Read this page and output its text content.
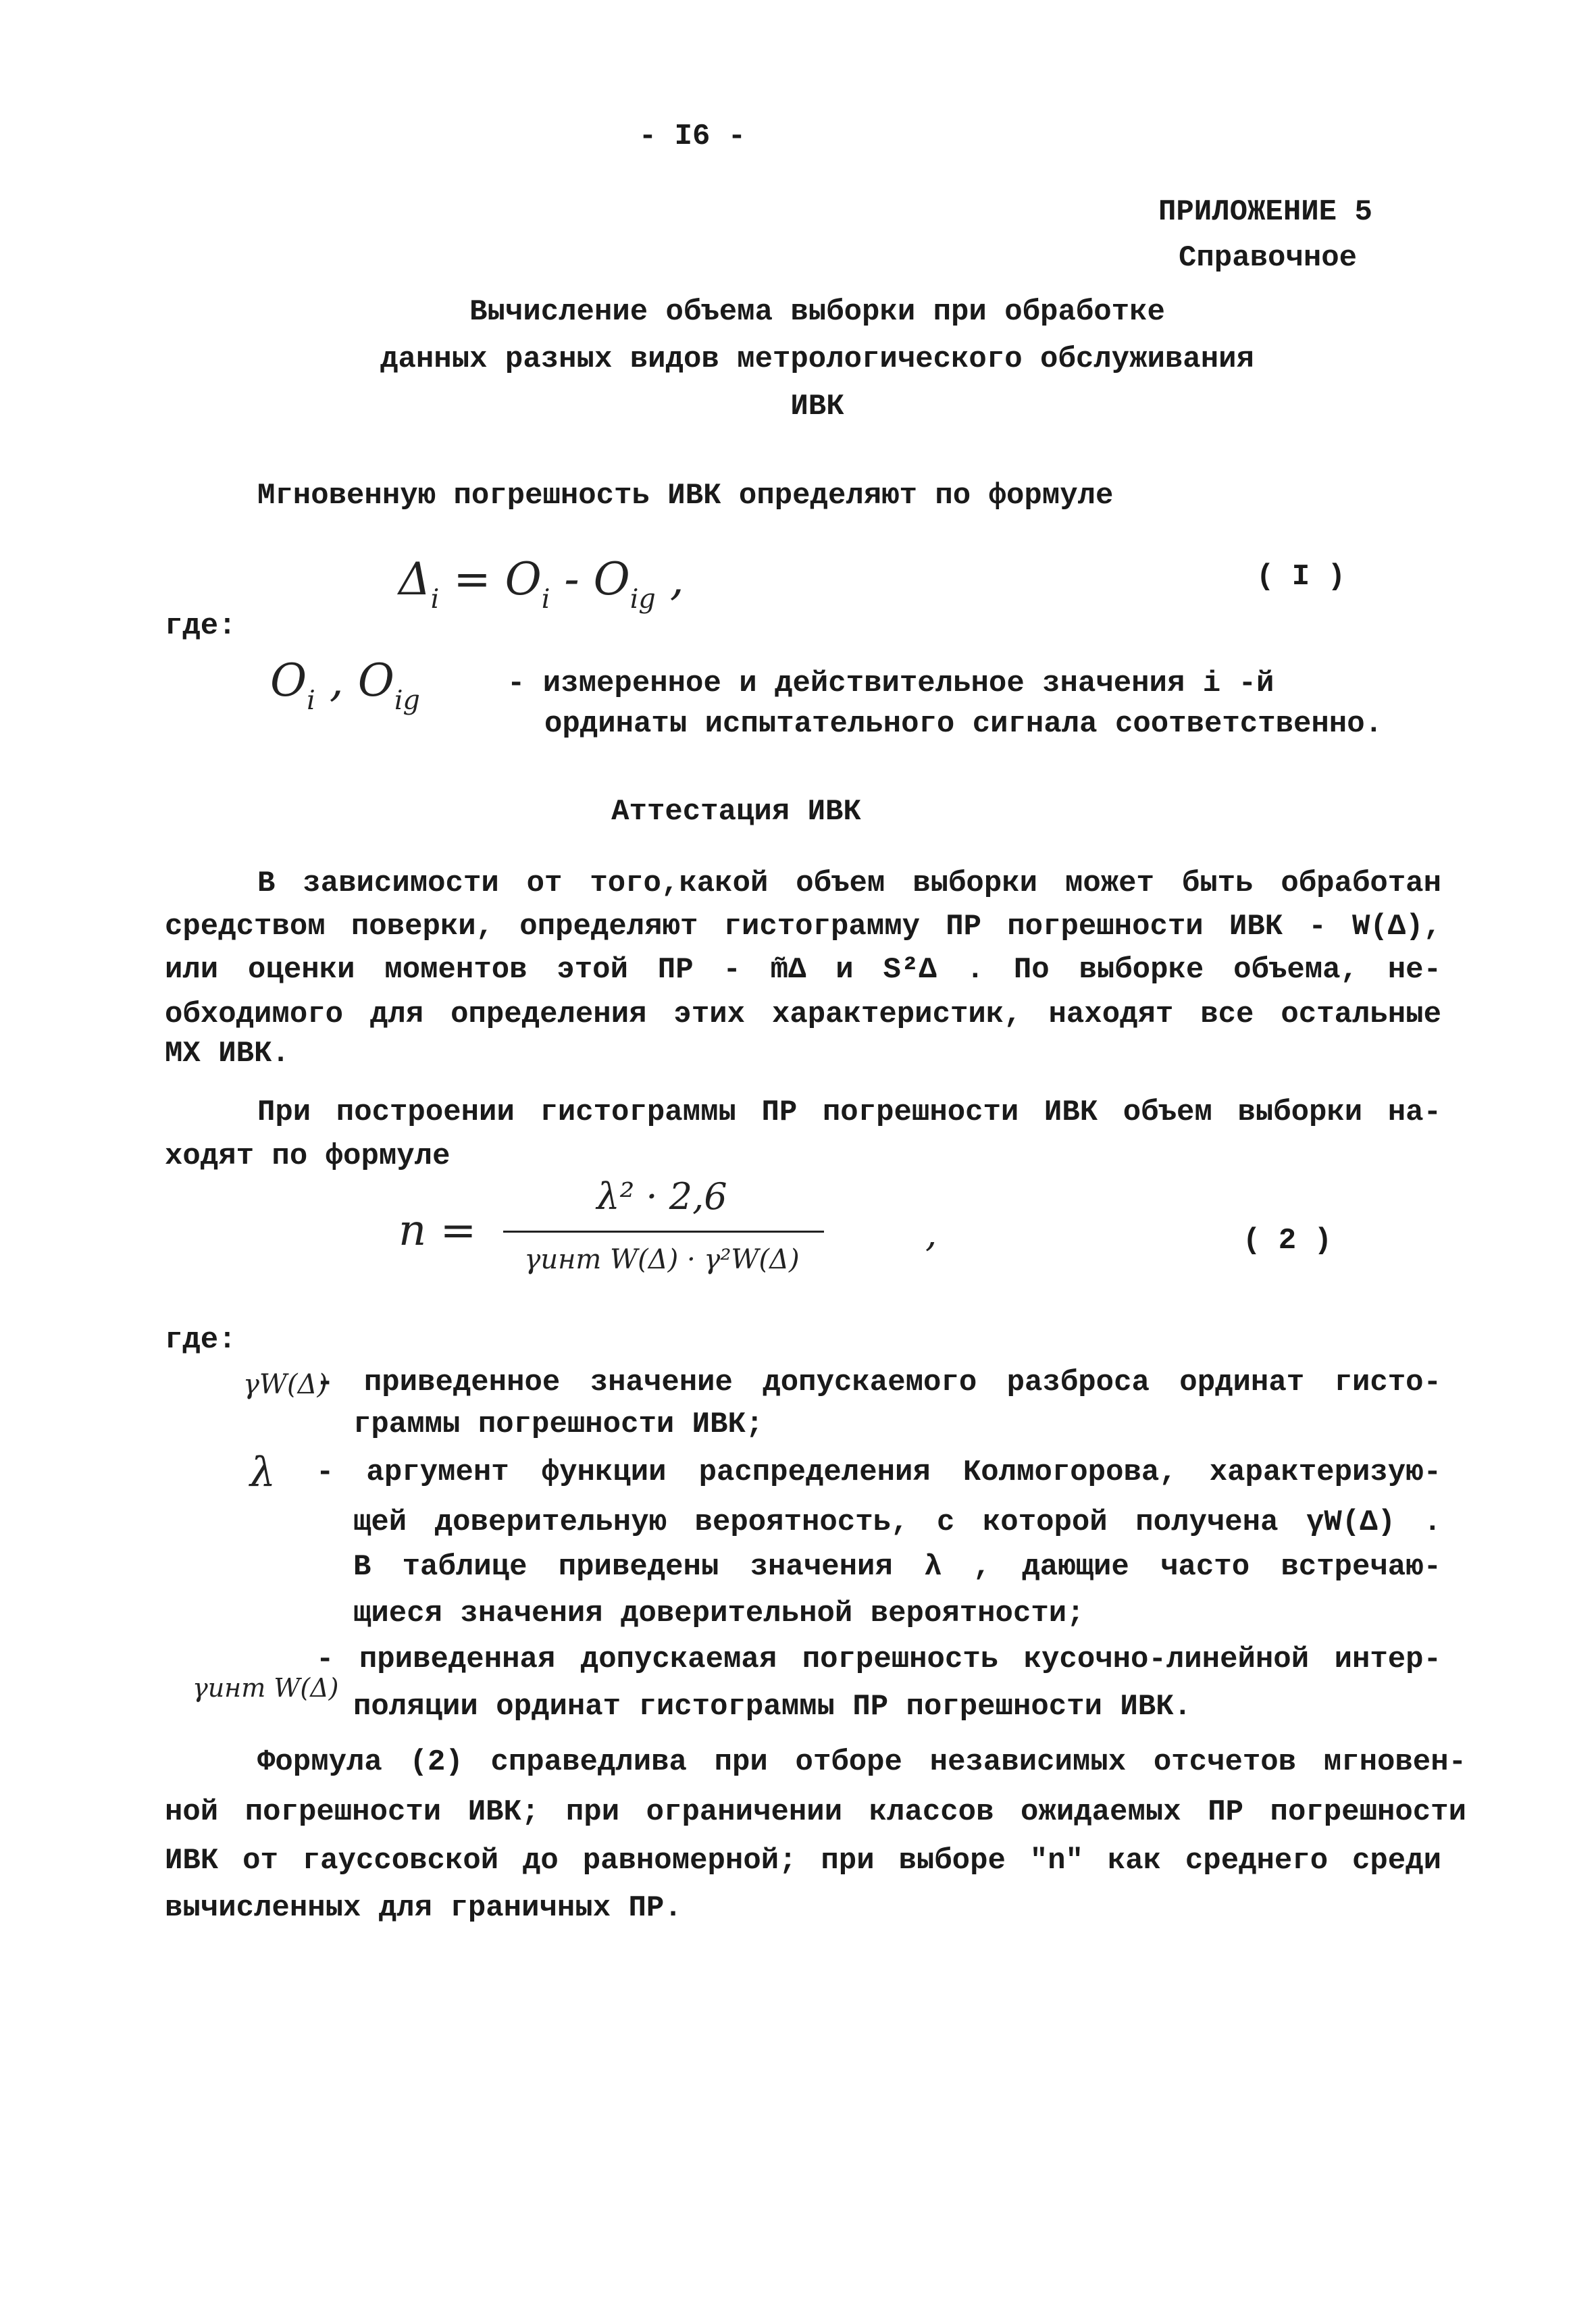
- I6 -
ПРИЛОЖЕНИЕ 5
Справочное
Вычисление объема выборки при обработке
данных разных видов метрологического обслуживания
ИВК
Мгновенную погрешность ИВК определяют по формуле
$\Delta_i = O_i - O_{ig}$ ,	( I )
где:
$O_i$ , $O_{ig}$	- измеренное и действительное значения i -й
ординаты испытательного сигнала соответственно.
Аттестация ИВК
В зависимости от того,какой объем выборки может быть обработан
средством поверки, определяют гистограмму ПР погрешности ИВК - W(Δ),
или оценки моментов этой ПР - m̃Δ и S²Δ . По выборке объема, не-
обходимого для определения этих характеристик, находят все остальные
МХ ИВК.
При построении гистограммы ПР погрешности ИВК объем выборки на-
ходят по формуле
n =
λ² · 2,6
γинт W(Δ) · γ²W(Δ)
,	( 2 )
где:
γW(Δ)
- приведенное значение допускаемого разброса ординат гисто-
граммы погрешности ИВК;
λ - аргумент функции распределения Колмогорова, характеризую-
щей доверительную вероятность, с которой получена γW(Δ) .
В таблице приведены значения λ , дающие часто встречаю-
щиеся значения доверительной вероятности;
γинт W(Δ)
- приведенная допускаемая погрешность кусочно-линейной интер-
поляции ординат гистограммы ПР погрешности ИВК.
Формула (2) справедлива при отборе независимых отсчетов мгновен-
ной погрешности ИВК; при ограничении классов ожидаемых ПР погрешности
ИВК от гауссовской до равномерной; при выборе "n" как среднего среди
вычисленных для граничных ПР.
